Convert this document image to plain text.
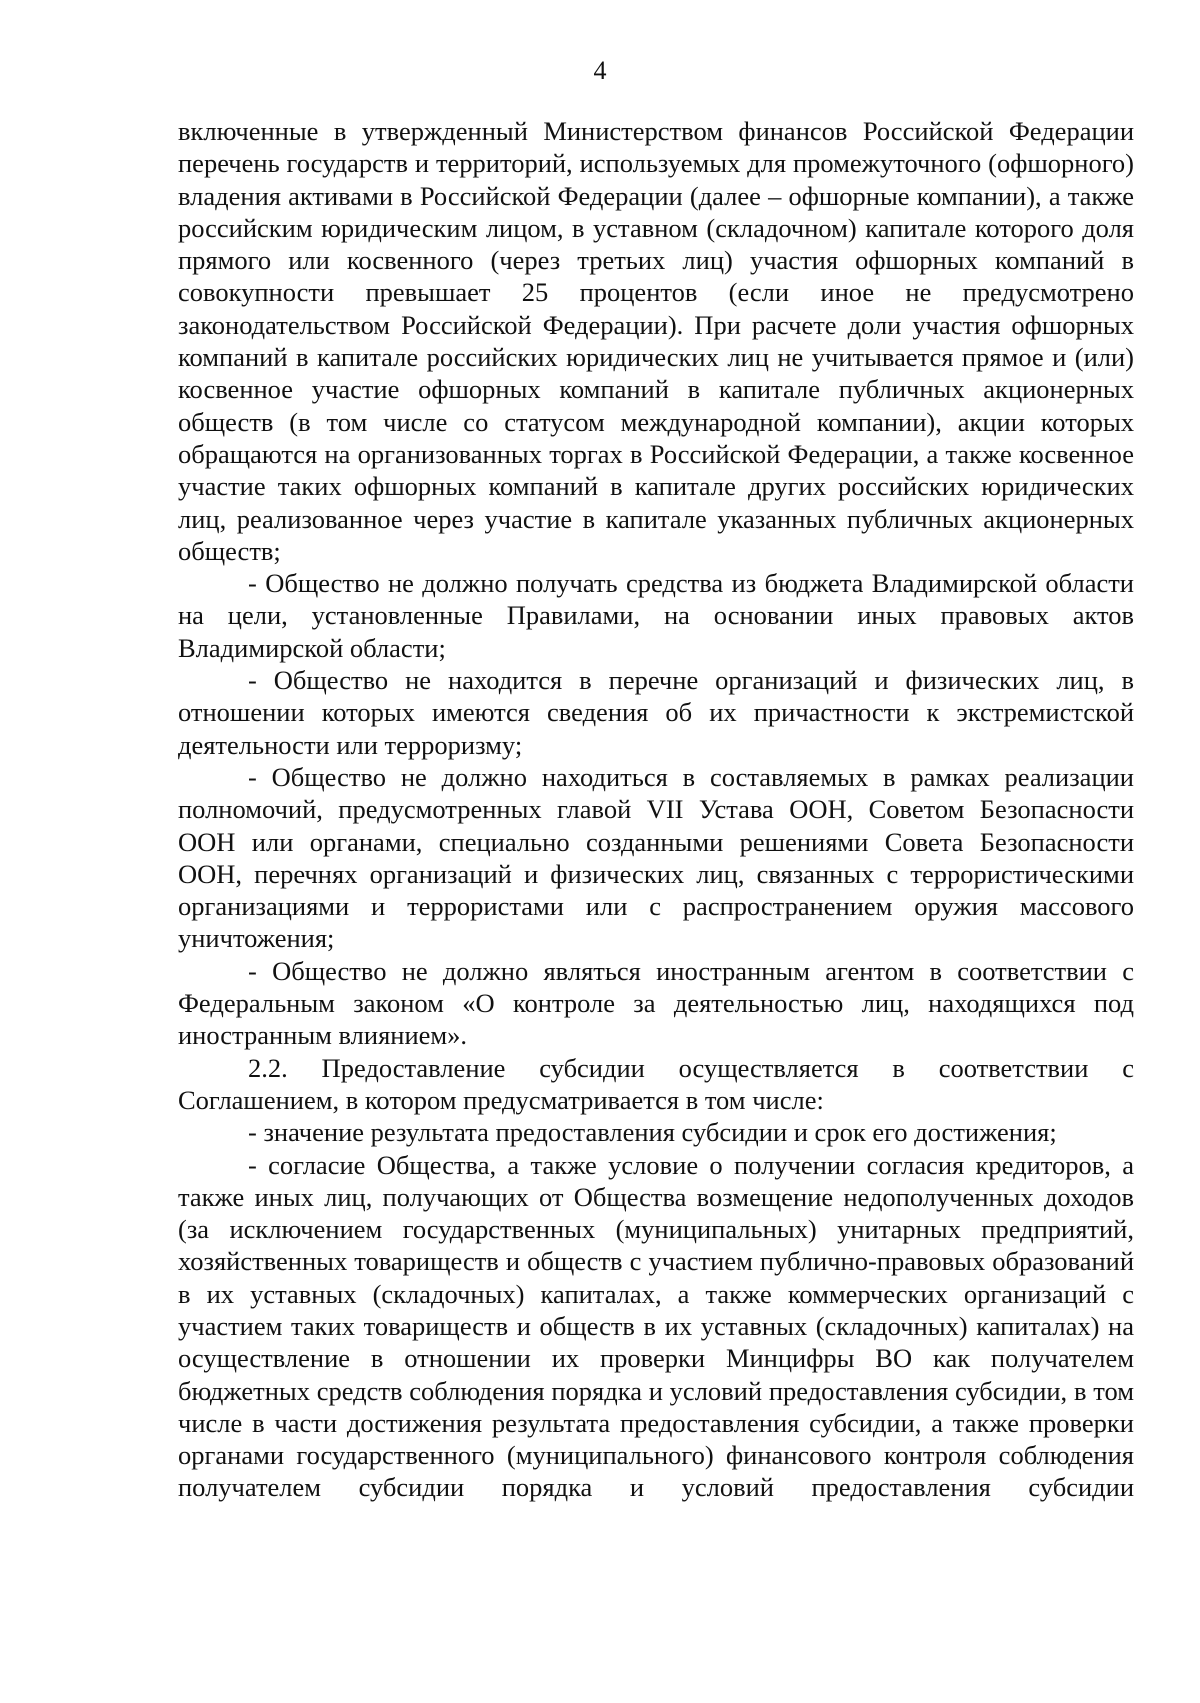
4

включенные в утвержденный Министерством финансов Российской Федерации перечень государств и территорий, используемых для промежуточного (офшорного) владения активами в Российской Федерации (далее – офшорные компании), а также российским юридическим лицом, в уставном (складочном) капитале которого доля прямого или косвенного (через третьих лиц) участия офшорных компаний в совокупности превышает 25 процентов (если иное не предусмотрено законодательством Российской Федерации). При расчете доли участия офшорных компаний в капитале российских юридических лиц не учитывается прямое и (или) косвенное участие офшорных компаний в капитале публичных акционерных обществ (в том числе со статусом международной компании), акции которых обращаются на организованных торгах в Российской Федерации, а также косвенное участие таких офшорных компаний в капитале других российских юридических лиц, реализованное через участие в капитале указанных публичных акционерных обществ;

- Общество не должно получать средства из бюджета Владимирской области на цели, установленные Правилами, на основании иных правовых актов Владимирской области;

- Общество не находится в перечне организаций и физических лиц, в отношении которых имеются сведения об их причастности к экстремистской деятельности или терроризму;

- Общество не должно находиться в составляемых в рамках реализации полномочий, предусмотренных главой VII Устава ООН, Советом Безопасности ООН или органами, специально созданными решениями Совета Безопасности ООН, перечнях организаций и физических лиц, связанных с террористическими организациями и террористами или с распространением оружия массового уничтожения;

- Общество не должно являться иностранным агентом в соответствии с Федеральным законом «О контроле за деятельностью лиц, находящихся под иностранным влиянием».

2.2. Предоставление субсидии осуществляется в соответствии с Соглашением, в котором предусматривается в том числе:

- значение результата предоставления субсидии и срок его достижения;

- согласие Общества, а также условие о получении согласия кредиторов, а также иных лиц, получающих от Общества возмещение недополученных доходов (за исключением государственных (муниципальных) унитарных предприятий, хозяйственных товариществ и обществ с участием публично-правовых образований в их уставных (складочных) капиталах, а также коммерческих организаций с участием таких товариществ и обществ в их уставных (складочных) капиталах) на осуществление в отношении их проверки Минцифры ВО как получателем бюджетных средств соблюдения порядка и условий предоставления субсидии, в том числе в части достижения результата предоставления субсидии, а также проверки органами государственного (муниципального) финансового контроля соблюдения получателем субсидии порядка и условий предоставления субсидии
